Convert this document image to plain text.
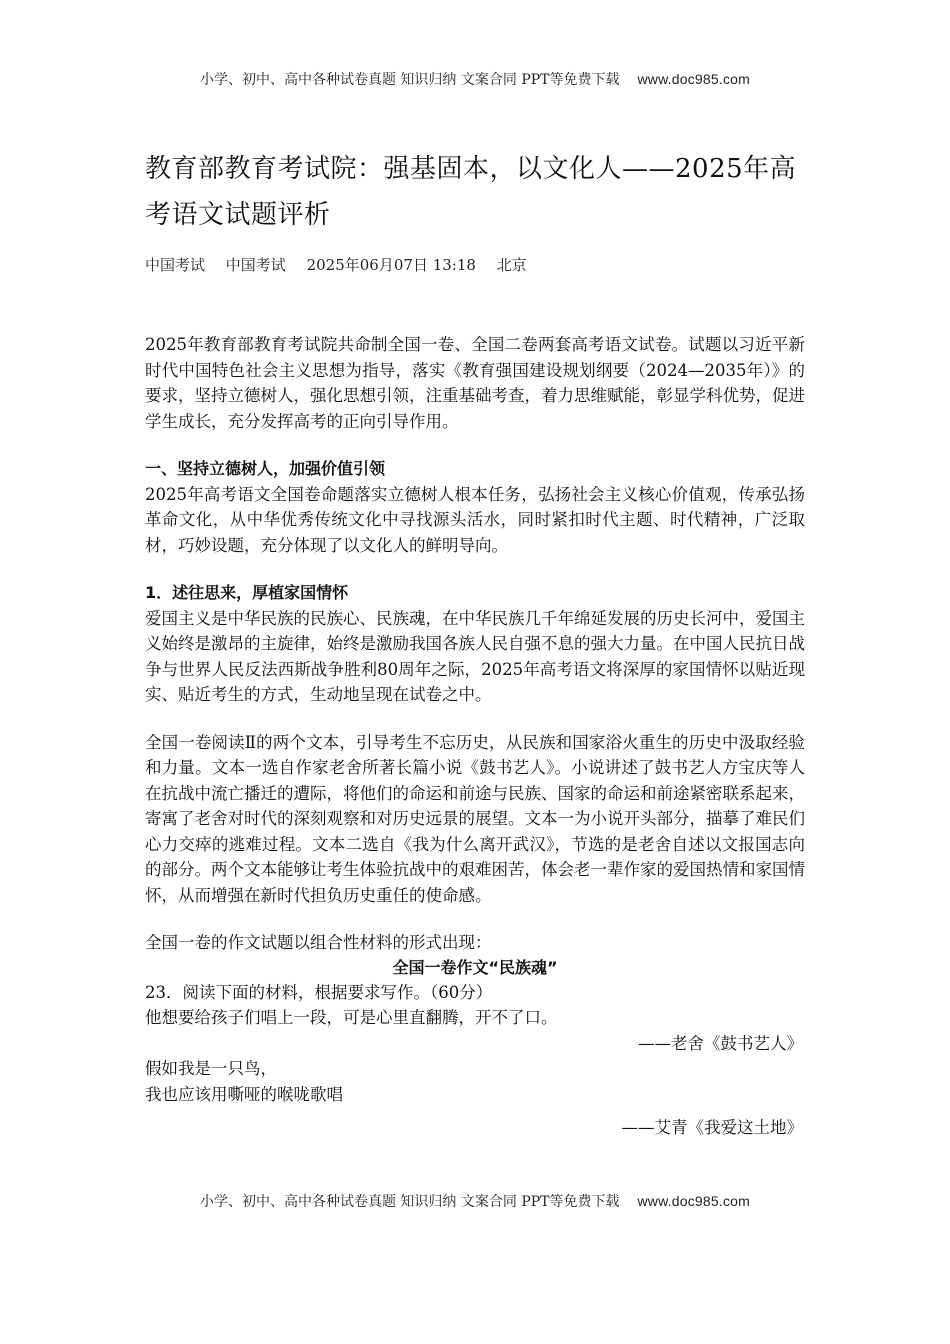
小学、初中、高中各种试卷真题 知识归纳 文案合同 PPT等免费下载 www.doc985.com
教育部教育考试院：强基固本，以文化人——2025年高考语文试题评析
中国考试 中国考试 2025年06月07日 13:18 北京

2025年教育部教育考试院共命制全国一卷、全国二卷两套高考语文试卷。试题以习近平新时代中国特色社会主义思想为指导，落实《教育强国建设规划纲要（2024—2035年）》的要求，坚持立德树人，强化思想引领，注重基础考查，着力思维赋能，彰显学科优势，促进学生成长，充分发挥高考的正向引导作用。

一、坚持立德树人，加强价值引领

2025年高考语文全国卷命题落实立德树人根本任务，弘扬社会主义核心价值观，传承弘扬革命文化，从中华优秀传统文化中寻找源头活水，同时紧扣时代主题、时代精神，广泛取材，巧妙设题，充分体现了以文化人的鲜明导向。

1．述往思来，厚植家国情怀

爱国主义是中华民族的民族心、民族魂，在中华民族几千年绵延发展的历史长河中，爱国主义始终是激昂的主旋律，始终是激励我国各族人民自强不息的强大力量。在中国人民抗日战争与世界人民反法西斯战争胜利80周年之际，2025年高考语文将深厚的家国情怀以贴近现实、贴近考生的方式，生动地呈现在试卷之中。

全国一卷阅读Ⅱ的两个文本，引导考生不忘历史，从民族和国家浴火重生的历史中汲取经验和力量。文本一选自作家老舍所著长篇小说《鼓书艺人》。小说讲述了鼓书艺人方宝庆等人在抗战中流亡播迁的遭际，将他们的命运和前途与民族、国家的命运和前途紧密联系起来，寄寓了老舍对时代的深刻观察和对历史远景的展望。文本一为小说开头部分，描摹了难民们心力交瘁的逃难过程。文本二选自《我为什么离开武汉》，节选的是老舍自述以文报国志向的部分。两个文本能够让考生体验抗战中的艰难困苦，体会老一辈作家的爱国热情和家国情怀，从而增强在新时代担负历史重任的使命感。

全国一卷的作文试题以组合性材料的形式出现：

全国一卷作文“民族魂”

23．阅读下面的材料，根据要求写作。（60分）

他想要给孩子们唱上一段，可是心里直翻腾，开不了口。

——老舍《鼓书艺人》

假如我是一只鸟，

我也应该用嘶哑的喉咙歌唱

——艾青《我爱这土地》

小学、初中、高中各种试卷真题 知识归纳 文案合同 PPT等免费下载 www.doc985.com
